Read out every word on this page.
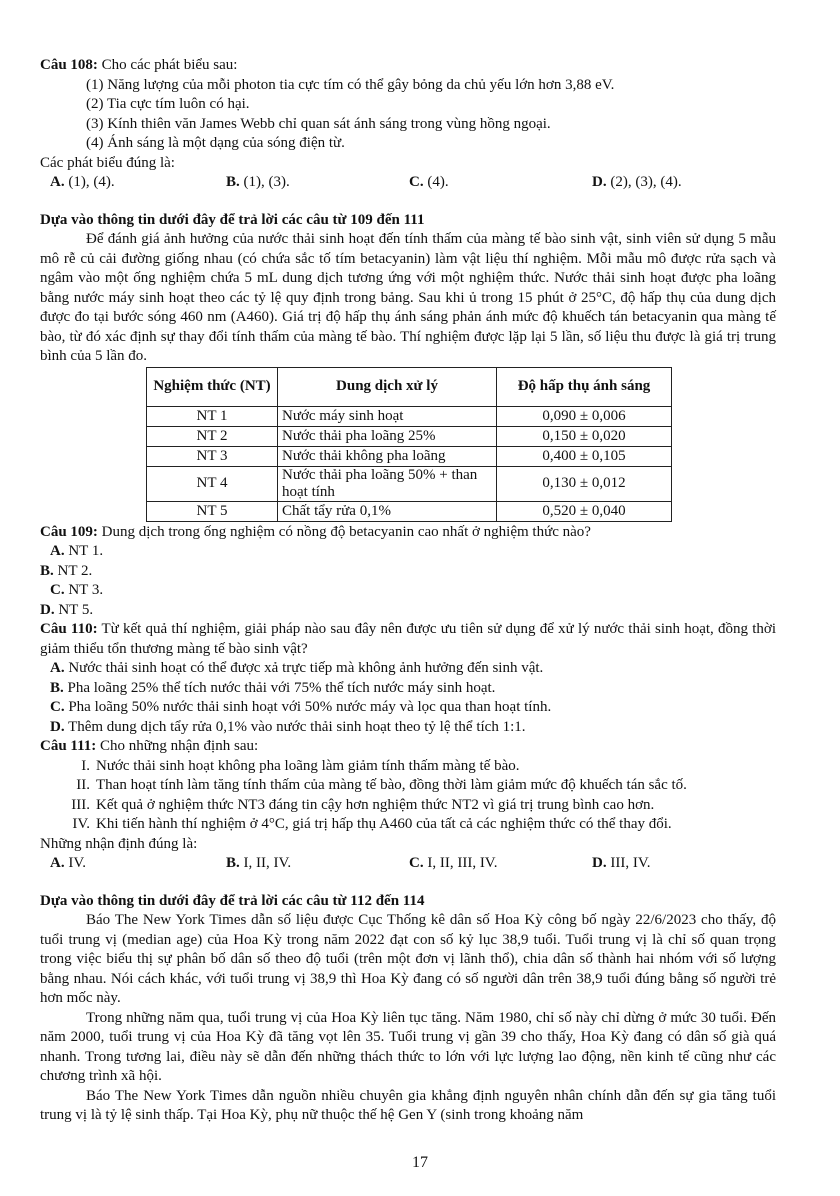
Câu 108: Cho các phát biểu sau:

(1) Năng lượng của mỗi photon tia cực tím có thể gây bỏng da chủ yếu lớn hơn 3,88 eV.

(2) Tia cực tím luôn có hại.

(3) Kính thiên văn James Webb chỉ quan sát ánh sáng trong vùng hồng ngoại.

(4) Ánh sáng là một dạng của sóng điện từ.

Các phát biểu đúng là:

A. (1), (4).	B. (1), (3).	C. (4).	D. (2), (3), (4).

Dựa vào thông tin dưới đây để trả lời các câu từ 109 đến 111

Để đánh giá ảnh hưởng của nước thải sinh hoạt đến tính thấm của màng tế bào sinh vật, sinh viên sử dụng 5 mẫu mô rễ củ cải đường giống nhau (có chứa sắc tố tím betacyanin) làm vật liệu thí nghiệm. Mỗi mẫu mô được rửa sạch và ngâm vào một ống nghiệm chứa 5 mL dung dịch tương ứng với một nghiệm thức. Nước thải sinh hoạt được pha loãng bằng nước máy sinh hoạt theo các tỷ lệ quy định trong bảng. Sau khi ủ trong 15 phút ở 25°C, độ hấp thụ của dung dịch được đo tại bước sóng 460 nm (A460). Giá trị độ hấp thụ ánh sáng phản ánh mức độ khuếch tán betacyanin qua màng tế bào, từ đó xác định sự thay đổi tính thấm của màng tế bào. Thí nghiệm được lặp lại 5 lần, số liệu thu được là giá trị trung bình của 5 lần đo.

Nghiệm thức (NT)	Dung dịch xử lý	Độ hấp thụ ánh sáng
NT 1	Nước máy sinh hoạt	0,090 ± 0,006
NT 2	Nước thải pha loãng 25%	0,150 ± 0,020
NT 3	Nước thải không pha loãng	0,400 ± 0,105
NT 4	Nước thải pha loãng 50% + than hoạt tính	0,130 ± 0,012
NT 5	Chất tẩy rửa 0,1%	0,520 ± 0,040

Câu 109: Dung dịch trong ống nghiệm có nồng độ betacyanin cao nhất ở nghiệm thức nào?

A. NT 1.
B. NT 2.
C. NT 3.
D. NT 5.

Câu 110: Từ kết quả thí nghiệm, giải pháp nào sau đây nên được ưu tiên sử dụng để xử lý nước thải sinh hoạt, đồng thời giảm thiểu tổn thương màng tế bào sinh vật?

A. Nước thải sinh hoạt có thể được xả trực tiếp mà không ảnh hưởng đến sinh vật.

B. Pha loãng 25% thể tích nước thải với 75% thể tích nước máy sinh hoạt.

C. Pha loãng 50% nước thải sinh hoạt với 50% nước máy và lọc qua than hoạt tính.

D. Thêm dung dịch tẩy rửa 0,1% vào nước thải sinh hoạt theo tỷ lệ thể tích 1:1.

Câu 111: Cho những nhận định sau:

I. Nước thải sinh hoạt không pha loãng làm giảm tính thấm màng tế bào.

II. Than hoạt tính làm tăng tính thấm của màng tế bào, đồng thời làm giảm mức độ khuếch tán sắc tố.

III. Kết quả ở nghiệm thức NT3 đáng tin cậy hơn nghiệm thức NT2 vì giá trị trung bình cao hơn.

IV. Khi tiến hành thí nghiệm ở 4°C, giá trị hấp thụ A460 của tất cả các nghiệm thức có thể thay đổi.

Những nhận định đúng là:

A. IV.	B. I, II, IV.	C. I, II, III, IV.	D. III, IV.

Dựa vào thông tin dưới đây để trả lời các câu từ 112 đến 114

Báo The New York Times dẫn số liệu được Cục Thống kê dân số Hoa Kỳ công bố ngày 22/6/2023 cho thấy, độ tuổi trung vị (median age) của Hoa Kỳ trong năm 2022 đạt con số kỷ lục 38,9 tuổi. Tuổi trung vị là chỉ số quan trọng trong việc biểu thị sự phân bố dân số theo độ tuổi (trên một đơn vị lãnh thổ), chia dân số thành hai nhóm với số lượng bằng nhau. Nói cách khác, với tuổi trung vị 38,9 thì Hoa Kỳ đang có số người dân trên 38,9 tuổi đúng bằng số người trẻ hơn mốc này.

Trong những năm qua, tuổi trung vị của Hoa Kỳ liên tục tăng. Năm 1980, chỉ số này chỉ dừng ở mức 30 tuổi. Đến năm 2000, tuổi trung vị của Hoa Kỳ đã tăng vọt lên 35. Tuổi trung vị gần 39 cho thấy, Hoa Kỳ đang có dân số già quá nhanh. Trong tương lai, điều này sẽ dẫn đến những thách thức to lớn với lực lượng lao động, nền kinh tế cũng như các chương trình xã hội.

Báo The New York Times dẫn nguồn nhiều chuyên gia khẳng định nguyên nhân chính dẫn đến sự gia tăng tuổi trung vị là tỷ lệ sinh thấp. Tại Hoa Kỳ, phụ nữ thuộc thế hệ Gen Y (sinh trong khoảng năm

17
